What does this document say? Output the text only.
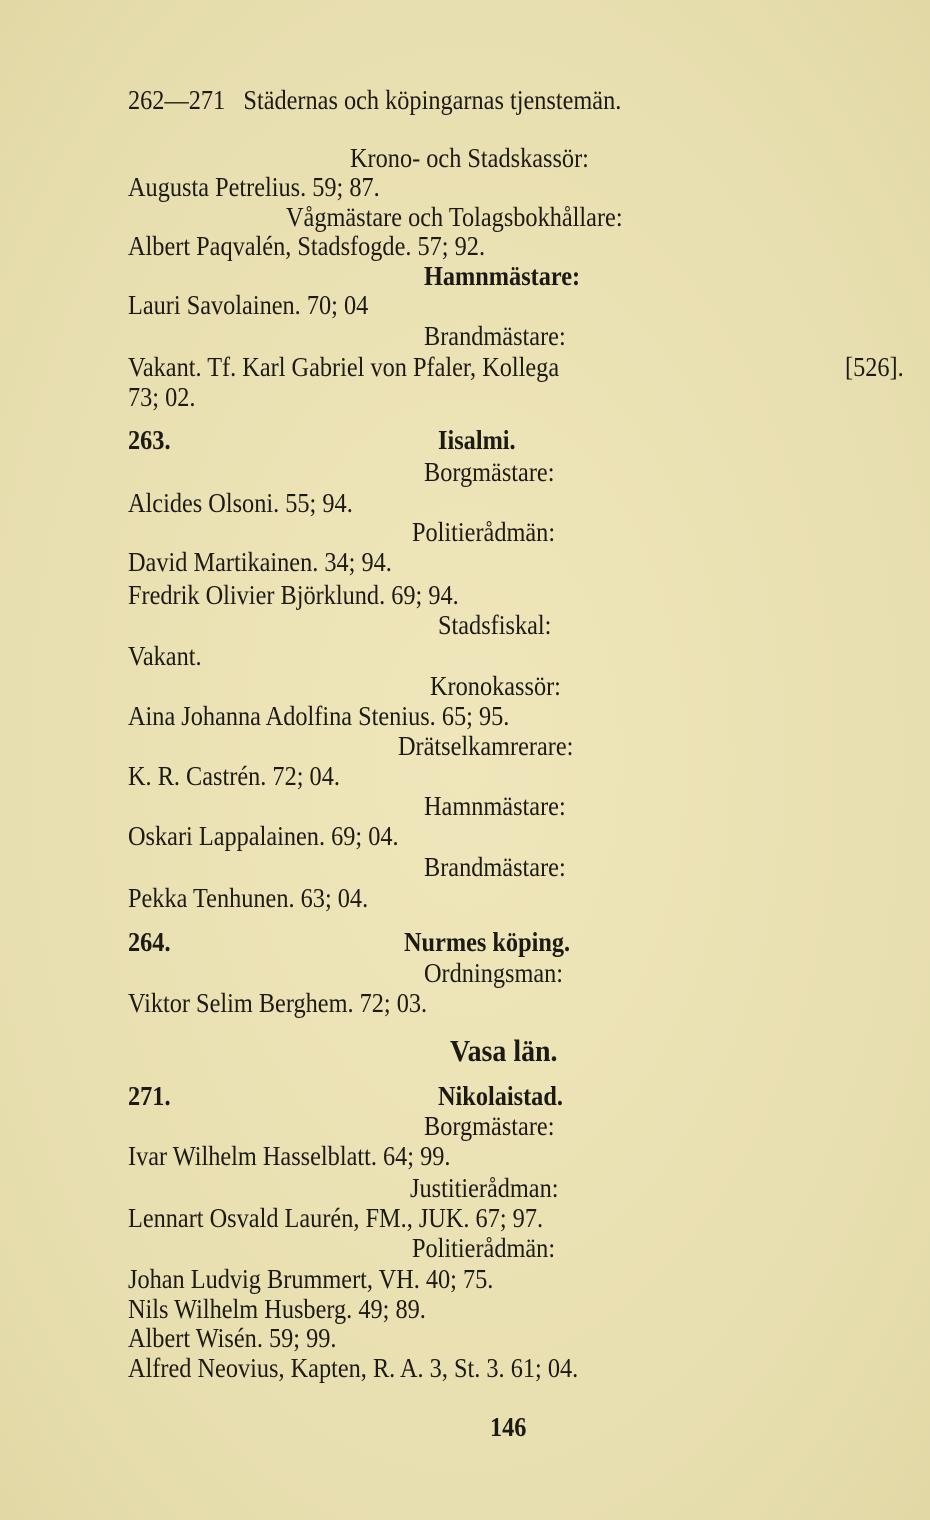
262—271 Städernas och köpingarnas tjenstemän.
Krono- och Stadskassör:
Augusta Petrelius. 59; 87.
Vågmästare och Tolagsbokhållare:
Albert Paqvalén, Stadsfogde. 57; 92.
Hamnmästare:
Lauri Savolainen. 70; 04
Brandmästare:
Vakant. Tf. Karl Gabriel von Pfaler, Kollega	[526].
73; 02.
263.	Iisalmi.
Borgmästare:
Alcides Olsoni. 55; 94.
Politierådmän:
David Martikainen. 34; 94.
Fredrik Olivier Björklund. 69; 94.
Stadsfiskal:
Vakant.
Kronokassör:
Aina Johanna Adolfina Stenius. 65; 95.
Drätselkamrerare:
K. R. Castrén. 72; 04.
Hamnmästare:
Oskari Lappalainen. 69; 04.
Brandmästare:
Pekka Tenhunen. 63; 04.
264.	Nurmes köping.
Ordningsman:
Viktor Selim Berghem. 72; 03.
Vasa län.
271.	Nikolaistad.
Borgmästare:
Ivar Wilhelm Hasselblatt. 64; 99.
Justitierådman:
Lennart Osvald Laurén, FM., JUK. 67; 97.
Politierådmän:
Johan Ludvig Brummert, VH. 40; 75.
Nils Wilhelm Husberg. 49; 89.
Albert Wisén. 59; 99.
Alfred Neovius, Kapten, R. A. 3, St. 3. 61; 04.
146
